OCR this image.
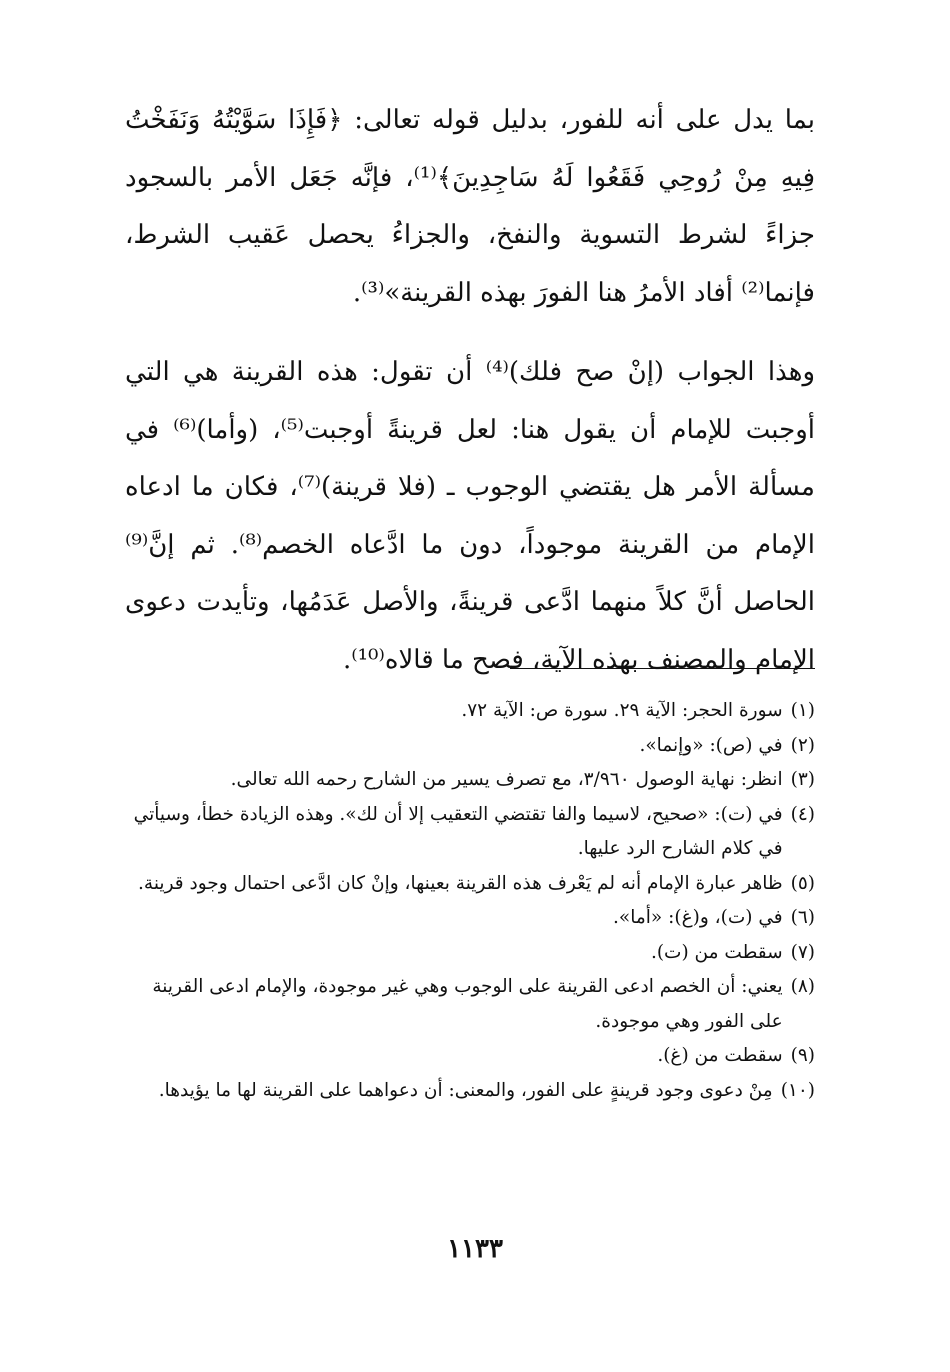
بما يدل على أنه للفور، بدليل قوله تعالى: ﴿فَإِذَا سَوَّيْتُهُ وَنَفَخْتُ فِيهِ مِنْ رُوحِي فَقَعُوا لَهُ سَاجِدِينَ﴾⁽¹⁾، فإنَّه جَعَل الأمر بالسجود جزاءً لشرط التسوية والنفخ، والجزاءُ يحصل عَقيب الشرط، فإنما⁽²⁾ أفاد الأمرُ هنا الفورَ بهذه القرينة»⁽³⁾.

وهذا الجواب (إنْ صح فلك)⁽⁴⁾ أن تقول: هذه القرينة هي التي أوجبت للإمام أن يقول هنا: لعل قرينةً أوجبت⁽⁵⁾، (وأما)⁽⁶⁾ في مسألة الأمر هل يقتضي الوجوب ـ (فلا قرينة)⁽⁷⁾، فكان ما ادعاه الإمام من القرينة موجوداً، دون ما ادَّعاه الخصم⁽⁸⁾. ثم إنَّ⁽⁹⁾ الحاصل أنَّ كلاً منهما ادَّعى قرينةً، والأصل عَدَمُها، وتأيدت دعوى الإمام والمصنف بهذه الآية، فصح ما قالاه⁽¹⁰⁾.

(١)
سورة الحجر: الآية ٢٩. سورة ص: الآية ٧٢.
(٢)
في (ص): «وإنما».
(٣)
انظر: نهاية الوصول ٣/٩٦٠، مع تصرف يسير من الشارح رحمه الله تعالى.
(٤)
في (ت): «صحيح، لاسيما والفا تقتضي التعقيب إلا أن لك». وهذه الزيادة خطأ، وسيأتي في كلام الشارح الرد عليها.
(٥)
ظاهر عبارة الإمام أنه لم يَعْرف هذه القرينة بعينها، وإنْ كان ادَّعى احتمال وجود قرينة.
(٦)
في (ت)، و(غ): «أما».
(٧)
سقطت من (ت).
(٨)
يعني: أن الخصم ادعى القرينة على الوجوب وهي غير موجودة، والإمام ادعى القرينة على الفور وهي موجودة.
(٩)
سقطت من (غ).
(١٠)
مِنْ دعوى وجود قرينةٍ على الفور، والمعنى: أن دعواهما على القرينة لها ما يؤيدها.
١١٣٣
